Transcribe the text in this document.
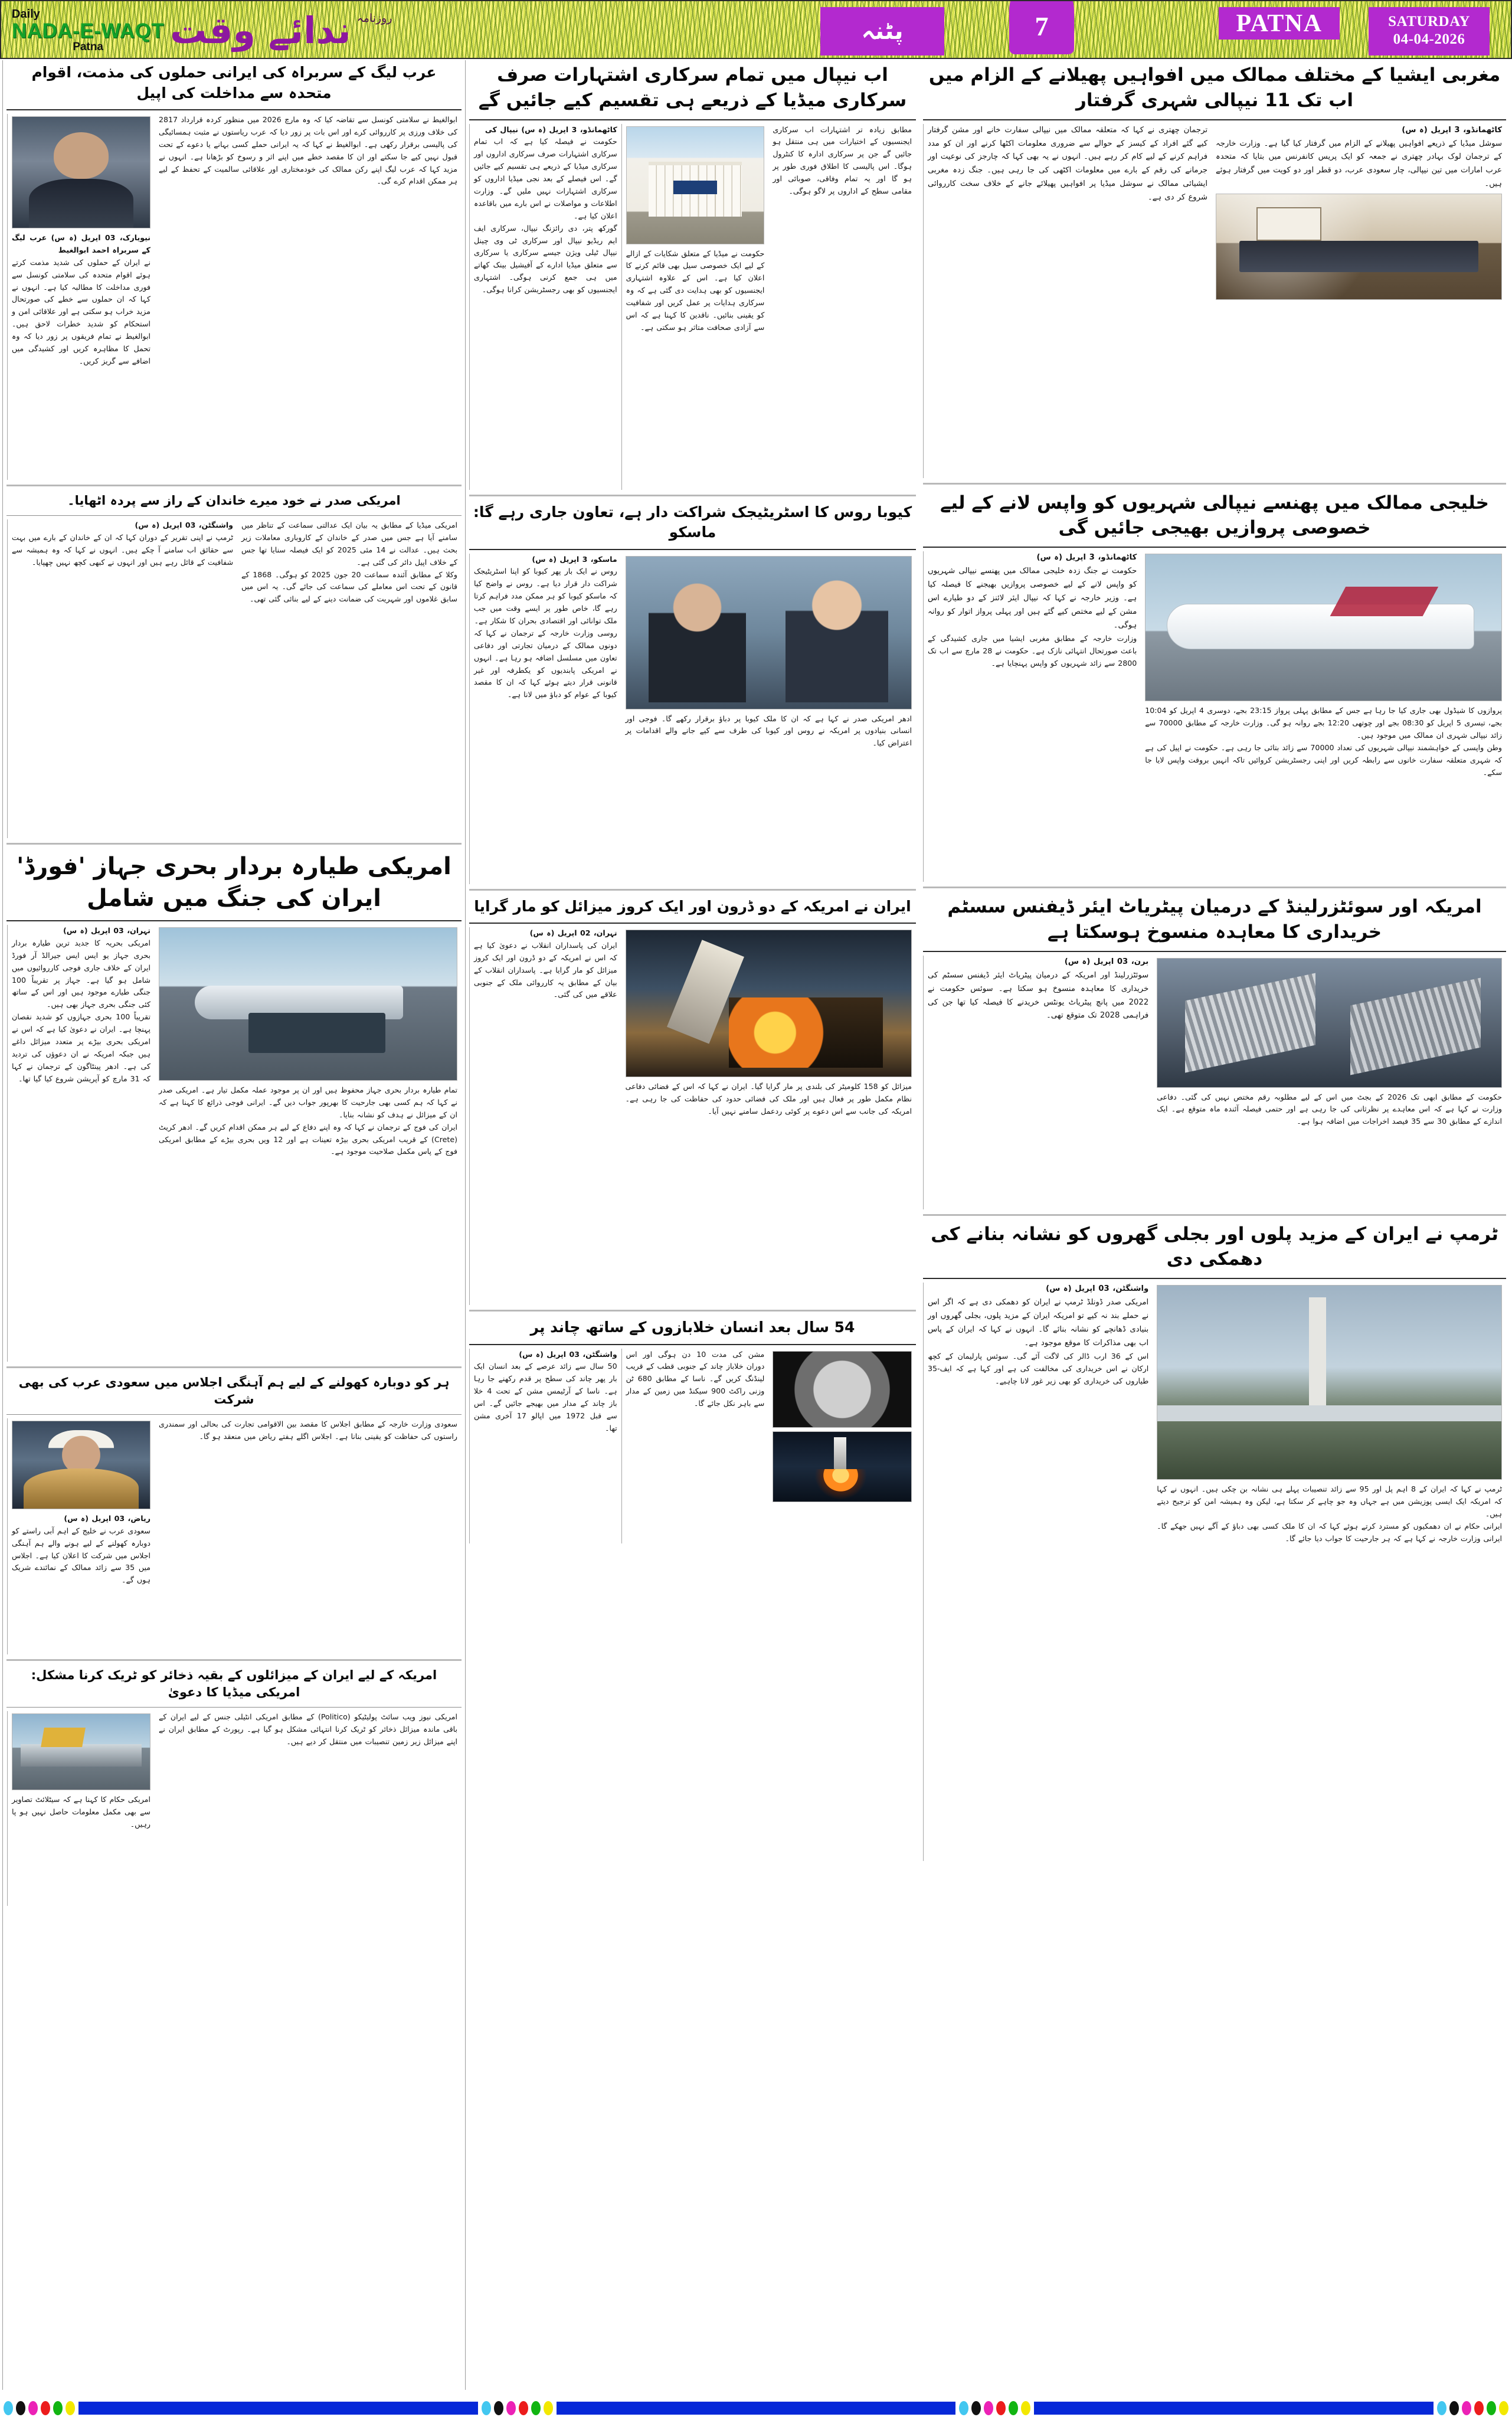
SATURDAY
04-04-2026
PATNA
7
پٹنہ
روزنامہ
ندائے وقت
Daily
NADA-E-WAQT
Patna
مغربی ایشیا کے مختلف ممالک میں افواہیں پھیلانے کے الزام میں اب تک 11 نیپالی شہری گرفتار
کاٹھمانڈو، 3 اپریل (ہ س)
سوشل میڈیا کے ذریعے افواہیں پھیلانے کے الزام میں گرفتار کیا گیا ہے۔ وزارت خارجہ کے ترجمان لوک بہادر چھتری نے جمعہ کو ایک پریس کانفرنس میں بتایا کہ متحدہ عرب امارات میں تین نیپالی، چار سعودی عرب، دو قطر اور دو کویت میں گرفتار ہوئے ہیں۔
ترجمان چھتری نے کہا کہ متعلقہ ممالک میں نیپالی سفارت خانے اور مشن گرفتار کیے گئے افراد کے کیسز کے حوالے سے ضروری معلومات اکٹھا کرنے اور ان کو مدد فراہم کرنے کے لیے کام کر رہے ہیں۔ انہوں نے یہ بھی کہا کہ چارجز کی نوعیت اور جرمانے کی رقم کے بارے میں معلومات اکٹھی کی جا رہی ہیں۔ جنگ زدہ مغربی ایشیائی ممالک نے سوشل میڈیا پر افواہیں پھیلائے جانے کے خلاف سخت کارروائی شروع کر دی ہے۔
خلیجی ممالک میں پھنسے نیپالی شہریوں کو واپس لانے کے لیے خصوصی پروازیں بھیجی جائیں گی
پروازوں کا شیڈول بھی جاری کیا جا رہا ہے جس کے مطابق پہلی پرواز 23:15 بجے، دوسری 4 اپریل کو 10:04 بجے، تیسری 5 اپریل کو 08:30 بجے اور چوتھی 12:20 بجے روانہ ہو گی۔ وزارت خارجہ کے مطابق 70000 سے زائد نیپالی شہری ان ممالک میں موجود ہیں۔
وطن واپسی کے خواہشمند نیپالی شہریوں کی تعداد 70000 سے زائد بتائی جا رہی ہے۔ حکومت نے اپیل کی ہے کہ شہری متعلقہ سفارت خانوں سے رابطہ کریں اور اپنی رجسٹریشن کروائیں تاکہ انہیں بروقت واپس لایا جا سکے۔
کاٹھمانڈو، 3 اپریل (ہ س)
حکومت نے جنگ زدہ خلیجی ممالک میں پھنسے نیپالی شہریوں کو واپس لانے کے لیے خصوصی پروازیں بھیجنے کا فیصلہ کیا ہے۔ وزیر خارجہ نے کہا کہ نیپال ایئر لائنز کے دو طیارے اس مشن کے لیے مختص کیے گئے ہیں اور پہلی پرواز اتوار کو روانہ ہوگی۔
وزارت خارجہ کے مطابق مغربی ایشیا میں جاری کشیدگی کے باعث صورتحال انتہائی نازک ہے۔ حکومت نے 28 مارچ سے اب تک 2800 سے زائد شہریوں کو واپس پہنچایا ہے۔
امریکہ اور سوئٹزرلینڈ کے درمیان پیٹریاٹ ایئر ڈیفنس سسٹم خریداری کا معاہدہ منسوخ ہوسکتا ہے
حکومت کے مطابق ابھی تک 2026 کے بجٹ میں اس کے لیے مطلوبہ رقم مختص نہیں کی گئی۔ دفاعی وزارت نے کہا ہے کہ اس معاہدے پر نظرثانی کی جا رہی ہے اور حتمی فیصلہ آئندہ ماہ متوقع ہے۔ ایک اندازے کے مطابق 30 سے 35 فیصد اخراجات میں اضافہ ہوا ہے۔
برن، 03 اپریل (ہ س)
سوئٹزرلینڈ اور امریکہ کے درمیان پیٹریاٹ ایئر ڈیفنس سسٹم کی خریداری کا معاہدہ منسوخ ہو سکتا ہے۔ سوئس حکومت نے 2022 میں پانچ پیٹریاٹ یونٹس خریدنے کا فیصلہ کیا تھا جن کی فراہمی 2028 تک متوقع تھی۔
ٹرمپ نے ایران کے مزید پلوں اور بجلی گھروں کو نشانہ بنانے کی دھمکی دی
ٹرمپ نے کہا کہ ایران کے 8 اہم پل اور 95 سے زائد تنصیبات پہلے ہی نشانہ بن چکی ہیں۔ انہوں نے کہا کہ امریکہ ایک ایسی پوزیشن میں ہے جہاں وہ جو چاہے کر سکتا ہے، لیکن وہ ہمیشہ امن کو ترجیح دیتے ہیں۔
ایرانی حکام نے ان دھمکیوں کو مسترد کرتے ہوئے کہا کہ ان کا ملک کسی بھی دباؤ کے آگے نہیں جھکے گا۔ ایرانی وزارت خارجہ نے کہا ہے کہ ہر جارحیت کا جواب دیا جائے گا۔
واشنگٹن، 03 اپریل (ہ س)
امریکی صدر ڈونلڈ ٹرمپ نے ایران کو دھمکی دی ہے کہ اگر اس نے حملے بند نہ کیے تو امریکہ ایران کے مزید پلوں، بجلی گھروں اور بنیادی ڈھانچے کو نشانہ بنائے گا۔ انہوں نے کہا کہ ایران کے پاس اب بھی مذاکرات کا موقع موجود ہے۔
اس کے 36 ارب ڈالر کی لاگت آئے گی۔ سوئس پارلیمان کے کچھ ارکان نے اس خریداری کی مخالفت کی ہے اور کہا ہے کہ ایف-35 طیاروں کی خریداری کو بھی زیر غور لانا چاہیے۔
اب نیپال میں تمام سرکاری اشتہارات صرف سرکاری میڈیا کے ذریعے ہی تقسیم کیے جائیں گے
مطابق زیادہ تر اشتہارات اب سرکاری ایجنسیوں کے اختیارات میں ہی منتقل ہو جائیں گے جن پر سرکاری ادارہ کا کنٹرول ہوگا۔ اس پالیسی کا اطلاق فوری طور پر ہو گا اور یہ تمام وفاقی، صوبائی اور مقامی سطح کے اداروں پر لاگو ہوگی۔
حکومت نے میڈیا کے متعلق شکایات کے ازالے کے لیے ایک خصوصی سیل بھی قائم کرنے کا اعلان کیا ہے۔ اس کے علاوہ اشتہاری ایجنسیوں کو بھی ہدایت دی گئی ہے کہ وہ سرکاری ہدایات پر عمل کریں اور شفافیت کو یقینی بنائیں۔ ناقدین کا کہنا ہے کہ اس سے آزادی صحافت متاثر ہو سکتی ہے۔
کاٹھمانڈو، 3 اپریل (ہ س) نیپال کی
حکومت نے فیصلہ کیا ہے کہ اب تمام سرکاری اشتہارات صرف سرکاری اداروں اور سرکاری میڈیا کے ذریعے ہی تقسیم کیے جائیں گے۔ اس فیصلے کے بعد نجی میڈیا اداروں کو سرکاری اشتہارات نہیں ملیں گے۔ وزارت اطلاعات و مواصلات نے اس بارے میں باقاعدہ اعلان کیا ہے۔
گورکھ پتر، دی رائزنگ نیپال، سرکاری ایف ایم ریڈیو نیپال اور سرکاری ٹی وی چینل نیپال ٹیلی ویژن جیسے سرکاری یا سرکاری سے متعلق میڈیا ادارے کے آفیشیل بینک کھاتے میں ہی جمع کرنی ہوگی۔ اشتہاری ایجنسیوں کو بھی رجسٹریشن کرانا ہوگی۔
کیوبا روس کا اسٹریٹیجک شراکت دار ہے، تعاون جاری رہے گا: ماسکو
ادھر امریکی صدر نے کہا ہے کہ ان کا ملک کیوبا پر دباؤ برقرار رکھے گا۔ فوجی اور انسانی بنیادوں پر امریکہ نے روس اور کیوبا کی طرف سے کیے جانے والے اقدامات پر اعتراض کیا۔
ماسکو، 3 اپریل (ہ س)
روس نے ایک بار پھر کیوبا کو اپنا اسٹریٹیجک شراکت دار قرار دیا ہے۔ روس نے واضح کیا کہ ماسکو کیوبا کو ہر ممکن مدد فراہم کرتا رہے گا، خاص طور پر ایسے وقت میں جب ملک توانائی اور اقتصادی بحران کا شکار ہے۔
روسی وزارت خارجہ کے ترجمان نے کہا کہ دونوں ممالک کے درمیان تجارتی اور دفاعی تعاون میں مسلسل اضافہ ہو رہا ہے۔ انہوں نے امریکی پابندیوں کو یکطرفہ اور غیر قانونی قرار دیتے ہوئے کہا کہ ان کا مقصد کیوبا کے عوام کو دباؤ میں لانا ہے۔
ایران نے امریکہ کے دو ڈرون اور ایک کروز میزائل کو مار گرایا
میزائل کو 158 کلومیٹر کی بلندی پر مار گرایا گیا۔ ایران نے کہا کہ اس کے فضائی دفاعی نظام مکمل طور پر فعال ہیں اور ملک کی فضائی حدود کی حفاظت کی جا رہی ہے۔ امریکہ کی جانب سے اس دعوے پر کوئی ردعمل سامنے نہیں آیا۔
تہران، 02 اپریل (ہ س)
ایران کی پاسداران انقلاب نے دعویٰ کیا ہے کہ اس نے امریکہ کے دو ڈرون اور ایک کروز میزائل کو مار گرایا ہے۔ پاسداران انقلاب کے بیان کے مطابق یہ کارروائی ملک کے جنوبی علاقے میں کی گئی۔
54 سال بعد انسان خلابازوں کے ساتھ چاند پر
مشن کی مدت 10 دن ہوگی اور اس دوران خلاباز چاند کے جنوبی قطب کے قریب لینڈنگ کریں گے۔ ناسا کے مطابق 680 ٹن وزنی راکٹ 900 سیکنڈ میں زمین کے مدار سے باہر نکل جائے گا۔
واشنگٹن، 03 اپریل (ہ س)
50 سال سے زائد عرصے کے بعد انسان ایک بار پھر چاند کی سطح پر قدم رکھنے جا رہا ہے۔ ناسا کے آرٹیمس مشن کے تحت 4 خلا باز چاند کے مدار میں بھیجے جائیں گے۔ اس سے قبل 1972 میں اپالو 17 آخری مشن تھا۔
عرب لیگ کے سربراہ کی ایرانی حملوں کی مذمت، اقوام متحدہ سے مداخلت کی اپیل
ابوالغیط نے سلامتی کونسل سے تقاضہ کیا کہ وہ مارچ 2026 میں منظور کردہ قرارداد 2817 کی خلاف ورزی پر کارروائی کرے اور اس بات پر زور دیا کہ عرب ریاستوں نے مثبت ہمسائیگی کی پالیسی برقرار رکھی ہے۔ ابوالغیط نے کہا کہ یہ ایرانی حملے کسی بہانے یا دعوے کے تحت قبول نہیں کیے جا سکتے اور ان کا مقصد خطے میں اپنے اثر و رسوخ کو بڑھانا ہے۔ انہوں نے مزید کہا کہ عرب لیگ اپنے رکن ممالک کی خودمختاری اور علاقائی سالمیت کے تحفظ کے لیے ہر ممکن اقدام کرے گی۔
نیویارک، 03 اپریل (ہ س) عرب لیگ کے سربراہ احمد ابوالغیط
نے ایران کے حملوں کی شدید مذمت کرتے ہوئے اقوام متحدہ کی سلامتی کونسل سے فوری مداخلت کا مطالبہ کیا ہے۔ انہوں نے کہا کہ ان حملوں سے خطے کی صورتحال مزید خراب ہو سکتی ہے اور علاقائی امن و استحکام کو شدید خطرات لاحق ہیں۔ ابوالغیط نے تمام فریقوں پر زور دیا کہ وہ تحمل کا مظاہرہ کریں اور کشیدگی میں اضافے سے گریز کریں۔
امریکی صدر نے خود میرے خاندان کے راز سے پردہ اٹھایا۔
امریکی میڈیا کے مطابق یہ بیان ایک عدالتی سماعت کے تناظر میں سامنے آیا ہے جس میں صدر کے خاندان کے کاروباری معاملات زیر بحث ہیں۔ عدالت نے 14 مئی 2025 کو ایک فیصلہ سنایا تھا جس کے خلاف اپیل دائر کی گئی ہے۔
وکلا کے مطابق آئندہ سماعت 20 جون 2025 کو ہوگی۔ 1868 کے قانون کے تحت اس معاملے کی سماعت کی جائے گی۔ یہ اس میں سابق غلاموں اور شہریت کی ضمانت دینے کے لیے بنائی گئی تھی۔
واشنگٹن، 03 اپریل (ہ س)
ٹرمپ نے اپنی تقریر کے دوران کہا کہ ان کے خاندان کے بارے میں بہت سے حقائق اب سامنے آ چکے ہیں۔ انہوں نے کہا کہ وہ ہمیشہ سے شفافیت کے قائل رہے ہیں اور انہوں نے کبھی کچھ نہیں چھپایا۔
امریکی طیارہ بردار بحری جہاز 'فورڈ' ایران کی جنگ میں شامل
تمام طیارہ بردار بحری جہاز محفوظ ہیں اور ان پر موجود عملہ مکمل تیار ہے۔ امریکی صدر نے کہا کہ ہم کسی بھی جارحیت کا بھرپور جواب دیں گے۔ ایرانی فوجی ذرائع کا کہنا ہے کہ ان کے میزائل نے ہدف کو نشانہ بنایا۔
ایران کی فوج کے ترجمان نے کہا کہ وہ اپنے دفاع کے لیے ہر ممکن اقدام کریں گے۔ ادھر کریٹ (Crete) کے قریب امریکی بحری بیڑہ تعینات ہے اور 12 ویں بحری بیڑے کے مطابق امریکی فوج کے پاس مکمل صلاحیت موجود ہے۔
تہران، 03 اپریل (ہ س)
امریکی بحریہ کا جدید ترین طیارہ بردار بحری جہاز یو ایس ایس جیرالڈ آر فورڈ ایران کے خلاف جاری فوجی کارروائیوں میں شامل ہو گیا ہے۔ جہاز پر تقریباً 100 جنگی طیارے موجود ہیں اور اس کے ساتھ کئی جنگی بحری جہاز بھی ہیں۔
تقریباً 100 بحری جہازوں کو شدید نقصان پہنچا ہے۔ ایران نے دعویٰ کیا ہے کہ اس نے امریکی بحری بیڑے پر متعدد میزائل داغے ہیں جبکہ امریکہ نے ان دعوؤں کی تردید کی ہے۔ ادھر پینٹاگون کے ترجمان نے کہا کہ 31 مارچ کو آپریشن شروع کیا گیا تھا۔
ہر کو دوبارہ کھولنے کے لیے ہم آہنگی اجلاس میں سعودی عرب کی بھی شرکت
سعودی وزارت خارجہ کے مطابق اجلاس کا مقصد بین الاقوامی تجارت کی بحالی اور سمندری راستوں کی حفاظت کو یقینی بنانا ہے۔ اجلاس اگلے ہفتے ریاض میں منعقد ہو گا۔
ریاض، 03 اپریل (ہ س)
سعودی عرب نے خلیج کے اہم آبی راستے کو دوبارہ کھولنے کے لیے ہونے والے ہم آہنگی اجلاس میں شرکت کا اعلان کیا ہے۔ اجلاس میں 35 سے زائد ممالک کے نمائندے شریک ہوں گے۔
امریکہ کے لیے ایران کے میزائلوں کے بقیہ ذخائر کو ٹریک کرنا مشکل: امریکی میڈیا کا دعویٰ
امریکی نیوز ویب سائٹ پولیٹیکو (Politico) کے مطابق امریکی انٹیلی جنس کے لیے ایران کے باقی ماندہ میزائل ذخائر کو ٹریک کرنا انتہائی مشکل ہو گیا ہے۔ رپورٹ کے مطابق ایران نے اپنے میزائل زیر زمین تنصیبات میں منتقل کر دیے ہیں۔
امریکی حکام کا کہنا ہے کہ سیٹلائٹ تصاویر سے بھی مکمل معلومات حاصل نہیں ہو پا رہیں۔
